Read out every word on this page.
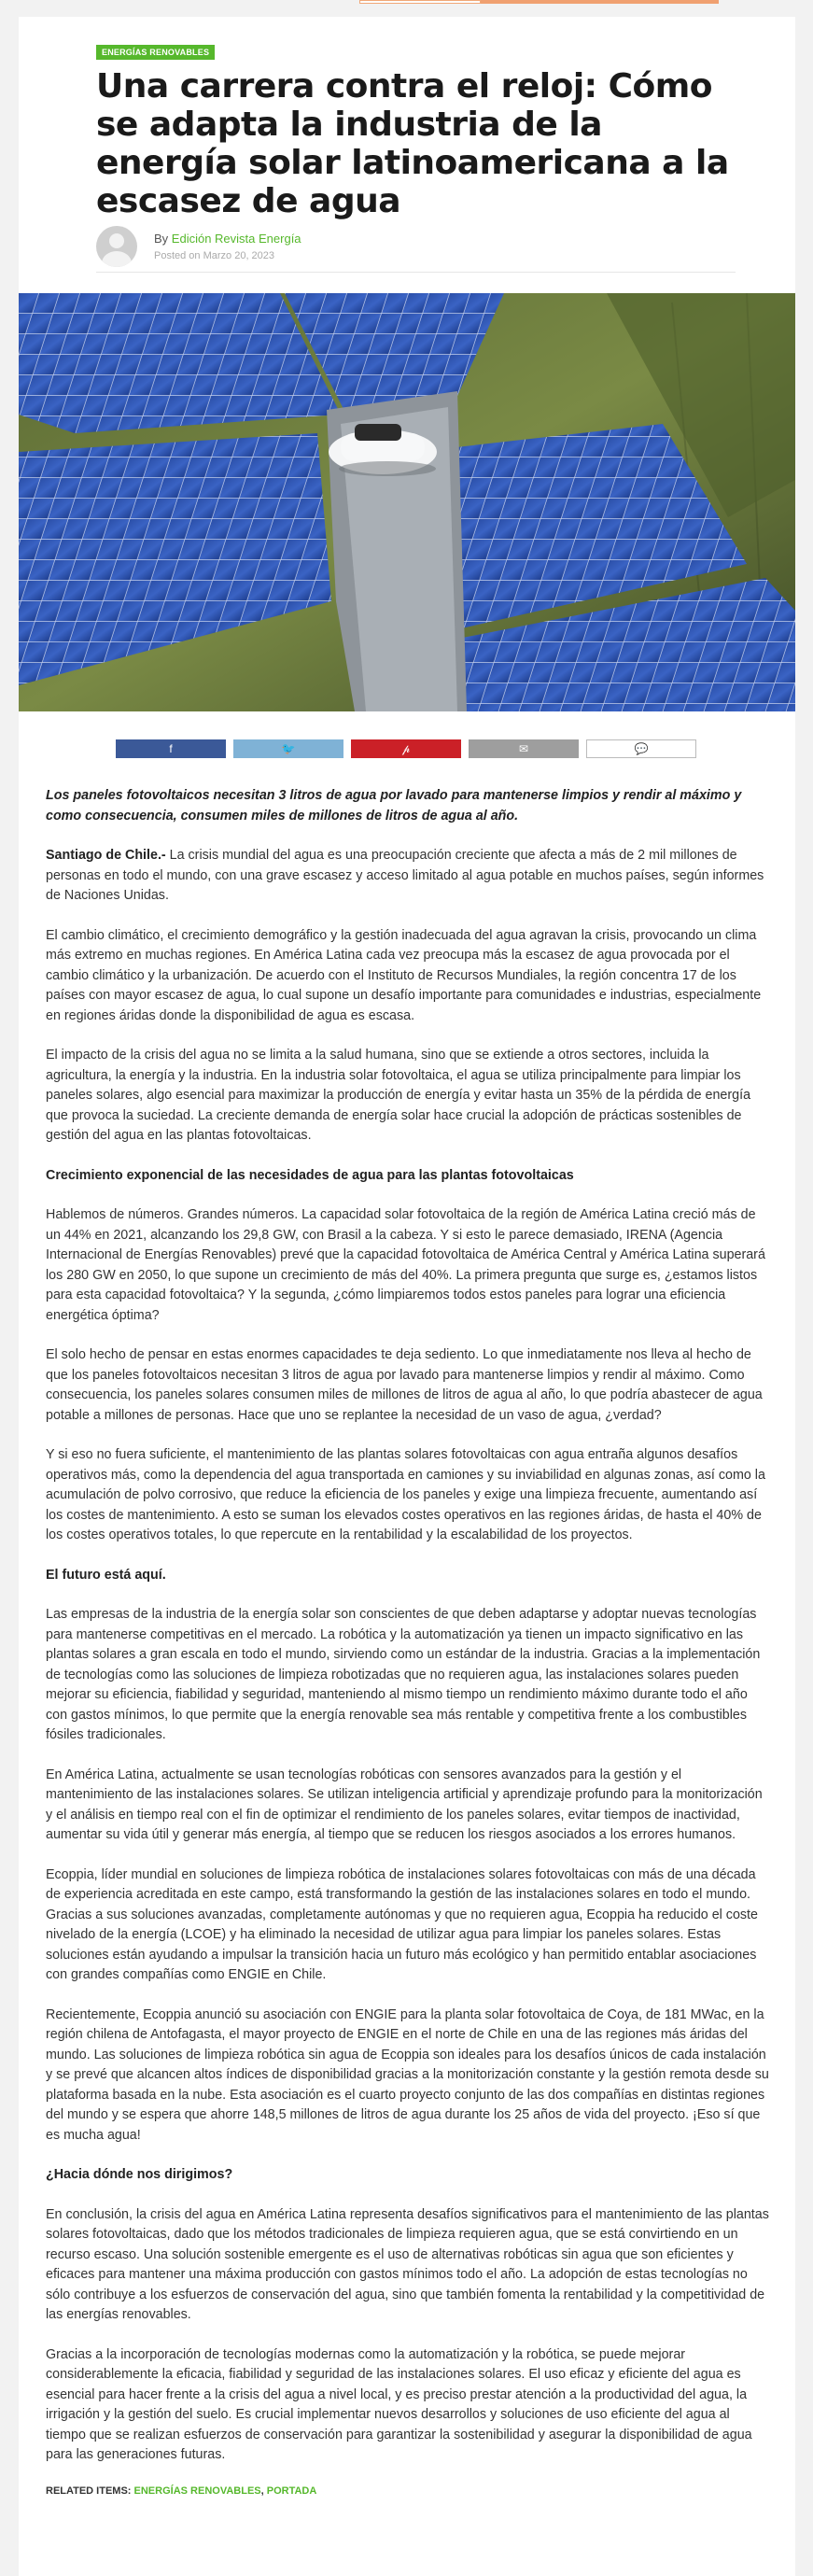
ENERGÍAS RENOVABLES
Una carrera contra el reloj: Cómo se adapta la industria de la energía solar latinoamericana a la escasez de agua
By Edición Revista Energía
Posted on Marzo 20, 2023
f	🐦	𝓅	✉	💬

Los paneles fotovoltaicos necesitan 3 litros de agua por lavado para mantenerse limpios y rendir al máximo y como consecuencia, consumen miles de millones de litros de agua al año.

Santiago de Chile.- La crisis mundial del agua es una preocupación creciente que afecta a más de 2 mil millones de personas en todo el mundo, con una grave escasez y acceso limitado al agua potable en muchos países, según informes de Naciones Unidas.

El cambio climático, el crecimiento demográfico y la gestión inadecuada del agua agravan la crisis, provocando un clima más extremo en muchas regiones. En América Latina cada vez preocupa más la escasez de agua provocada por el cambio climático y la urbanización. De acuerdo con el Instituto de Recursos Mundiales, la región concentra 17 de los países con mayor escasez de agua, lo cual supone un desafío importante para comunidades e industrias, especialmente en regiones áridas donde la disponibilidad de agua es escasa.

El impacto de la crisis del agua no se limita a la salud humana, sino que se extiende a otros sectores, incluida la agricultura, la energía y la industria. En la industria solar fotovoltaica, el agua se utiliza principalmente para limpiar los paneles solares, algo esencial para maximizar la producción de energía y evitar hasta un 35% de la pérdida de energía que provoca la suciedad. La creciente demanda de energía solar hace crucial la adopción de prácticas sostenibles de gestión del agua en las plantas fotovoltaicas.

Crecimiento exponencial de las necesidades de agua para las plantas fotovoltaicas

Hablemos de números. Grandes números. La capacidad solar fotovoltaica de la región de América Latina creció más de un 44% en 2021, alcanzando los 29,8 GW, con Brasil a la cabeza. Y si esto le parece demasiado, IRENA (Agencia Internacional de Energías Renovables) prevé que la capacidad fotovoltaica de América Central y América Latina superará los 280 GW en 2050, lo que supone un crecimiento de más del 40%. La primera pregunta que surge es, ¿estamos listos para esta capacidad fotovoltaica? Y la segunda, ¿cómo limpiaremos todos estos paneles para lograr una eficiencia energética óptima?

El solo hecho de pensar en estas enormes capacidades te deja sediento. Lo que inmediatamente nos lleva al hecho de que los paneles fotovoltaicos necesitan 3 litros de agua por lavado para mantenerse limpios y rendir al máximo. Como consecuencia, los paneles solares consumen miles de millones de litros de agua al año, lo que podría abastecer de agua potable a millones de personas. Hace que uno se replantee la necesidad de un vaso de agua, ¿verdad?

Y si eso no fuera suficiente, el mantenimiento de las plantas solares fotovoltaicas con agua entraña algunos desafíos operativos más, como la dependencia del agua transportada en camiones y su inviabilidad en algunas zonas, así como la acumulación de polvo corrosivo, que reduce la eficiencia de los paneles y exige una limpieza frecuente, aumentando así los costes de mantenimiento. A esto se suman los elevados costes operativos en las regiones áridas, de hasta el 40% de los costes operativos totales, lo que repercute en la rentabilidad y la escalabilidad de los proyectos.

El futuro está aquí.

Las empresas de la industria de la energía solar son conscientes de que deben adaptarse y adoptar nuevas tecnologías para mantenerse competitivas en el mercado. La robótica y la automatización ya tienen un impacto significativo en las plantas solares a gran escala en todo el mundo, sirviendo como un estándar de la industria. Gracias a la implementación de tecnologías como las soluciones de limpieza robotizadas que no requieren agua, las instalaciones solares pueden mejorar su eficiencia, fiabilidad y seguridad, manteniendo al mismo tiempo un rendimiento máximo durante todo el año con gastos mínimos, lo que permite que la energía renovable sea más rentable y competitiva frente a los combustibles fósiles tradicionales.

En América Latina, actualmente se usan tecnologías robóticas con sensores avanzados para la gestión y el mantenimiento de las instalaciones solares. Se utilizan inteligencia artificial y aprendizaje profundo para la monitorización y el análisis en tiempo real con el fin de optimizar el rendimiento de los paneles solares, evitar tiempos de inactividad, aumentar su vida útil y generar más energía, al tiempo que se reducen los riesgos asociados a los errores humanos.

Ecoppia, líder mundial en soluciones de limpieza robótica de instalaciones solares fotovoltaicas con más de una década de experiencia acreditada en este campo, está transformando la gestión de las instalaciones solares en todo el mundo. Gracias a sus soluciones avanzadas, completamente autónomas y que no requieren agua, Ecoppia ha reducido el coste nivelado de la energía (LCOE) y ha eliminado la necesidad de utilizar agua para limpiar los paneles solares. Estas soluciones están ayudando a impulsar la transición hacia un futuro más ecológico y han permitido entablar asociaciones con grandes compañías como ENGIE en Chile.

Recientemente, Ecoppia anunció su asociación con ENGIE para la planta solar fotovoltaica de Coya, de 181 MWac, en la región chilena de Antofagasta, el mayor proyecto de ENGIE en el norte de Chile en una de las regiones más áridas del mundo. Las soluciones de limpieza robótica sin agua de Ecoppia son ideales para los desafíos únicos de cada instalación y se prevé que alcancen altos índices de disponibilidad gracias a la monitorización constante y la gestión remota desde su plataforma basada en la nube. Esta asociación es el cuarto proyecto conjunto de las dos compañías en distintas regiones del mundo y se espera que ahorre 148,5 millones de litros de agua durante los 25 años de vida del proyecto. ¡Eso sí que es mucha agua!

¿Hacia dónde nos dirigimos?

En conclusión, la crisis del agua en América Latina representa desafíos significativos para el mantenimiento de las plantas solares fotovoltaicas, dado que los métodos tradicionales de limpieza requieren agua, que se está convirtiendo en un recurso escaso. Una solución sostenible emergente es el uso de alternativas robóticas sin agua que son eficientes y eficaces para mantener una máxima producción con gastos mínimos todo el año. La adopción de estas tecnologías no sólo contribuye a los esfuerzos de conservación del agua, sino que también fomenta la rentabilidad y la competitividad de las energías renovables.

Gracias a la incorporación de tecnologías modernas como la automatización y la robótica, se puede mejorar considerablemente la eficacia, fiabilidad y seguridad de las instalaciones solares. El uso eficaz y eficiente del agua es esencial para hacer frente a la crisis del agua a nivel local, y es preciso prestar atención a la productividad del agua, la irrigación y la gestión del suelo. Es crucial implementar nuevos desarrollos y soluciones de uso eficiente del agua al tiempo que se realizan esfuerzos de conservación para garantizar la sostenibilidad y asegurar la disponibilidad de agua para las generaciones futuras.

RELATED ITEMS: ENERGÍAS RENOVABLES, PORTADA
